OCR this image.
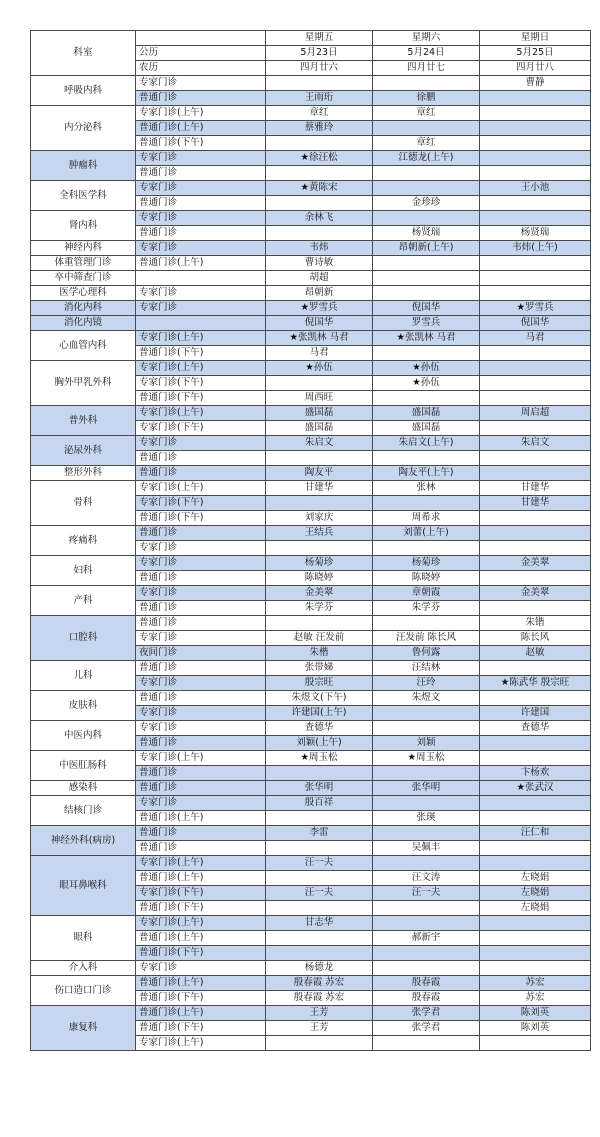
科室		星期五	星期六	星期日
	公历	5月23日	5月24日	5月25日
	农历	四月廿六	四月廿七	四月廿八
呼吸内科	专家门诊			曹静
	普通门诊	王雨珩	徐鹏	
内分泌科	专家门诊(上午)	章红	章红	
	普通门诊(上午)	蔡雅玲		
	普通门诊(下午)		章红	
肿瘤科	专家门诊	★徐汪松	江德龙(上午)	
	普通门诊			
全科医学科	专家门诊	★黄陈宋		王小池
	普通门诊		金珍珍	
肾内科	专家门诊	余林飞		
	普通门诊		杨贤瑞	杨贤瑞
神经内科	专家门诊	韦炜	昂朝新(上午)	韦炜(上午)
体重管理门诊	普通门诊(上午)	曹诗敏		
卒中筛查门诊		胡超		
医学心理科	专家门诊	昂朝新		
消化内科	专家门诊	★罗雪兵	倪国华	★罗雪兵
消化内镜		倪国华	罗雪兵	倪国华
心血管内科	专家门诊(上午)	★张凯林 马君	★张凯林 马君	马君
	普通门诊(下午)	马君		
胸外甲乳外科	专家门诊(上午)	★孙伍	★孙伍	
	专家门诊(下午)		★孙伍	
	普通门诊(下午)	周西旺		
普外科	专家门诊(上午)	盛国磊	盛国磊	周启超
	专家门诊(下午)	盛国磊	盛国磊	
泌尿外科	专家门诊	朱启文	朱启文(上午)	朱启文
	普通门诊			
整形外科	普通门诊	陶友平	陶友平(上午)	
骨科	专家门诊(上午)	甘建华	张林	甘建华
	专家门诊(下午)			甘建华
	普通门诊(下午)	刘家庆	周希求	
疼痛科	普通门诊	王结兵	刘蕾(上午)	
	专家门诊			
妇科	专家门诊	杨菊珍	杨菊珍	金美翠
	普通门诊	陈晓婷	陈晓婷	
产科	专家门诊	金美翠	章朝霞	金美翠
	普通门诊	朱学芬	朱学芬	
口腔科	普通门诊			朱锴
	专家门诊	赵敏 汪发前	汪发前 陈长风	陈长风
	夜间门诊	朱楷	鲁何露	赵敏
儿科	普通门诊	张带娣	汪结林	
	专家门诊	殷宗旺	汪玲	★陈武华 殷宗旺
皮肤科	普通门诊	朱煜文(下午)	朱煜文	
	专家门诊	许建国(上午)		许建国
中医内科	专家门诊	查德华		查德华
	普通门诊	刘颖(上午)	刘颖	
中医肛肠科	专家门诊(上午)	★周玉松	★周玉松	
	普通门诊			卞杨欢
感染科	普通门诊	张华明	张华明	★张武汉
结核门诊	专家门诊	殷百祥		
	普通门诊(上午)		张瑛	
神经外科(病房)	普通门诊	李雷		汪仁和
	普通门诊		吴佩丰	
眼耳鼻喉科	专家门诊(上午)	汪一夫		
	普通门诊(上午)		汪文涛	左晓娟
	专家门诊(下午)	汪一夫	汪一夫	左晓娟
	普通门诊(下午)			左晓娟
眼科	专家门诊(上午)	甘志华		
	普通门诊(上午)		郝新宇	
	普通门诊(下午)			
介入科	专家门诊	杨德龙		
伤口造口门诊	普通门诊(上午)	殷春霞 苏宏	殷春霞	苏宏
	普通门诊(下午)	殷春霞 苏宏	殷春霞	苏宏
康复科	普通门诊(上午)	王芳	张学君	陈刘英
	普通门诊(下午)	王芳	张学君	陈刘英
	专家门诊(上午)			
